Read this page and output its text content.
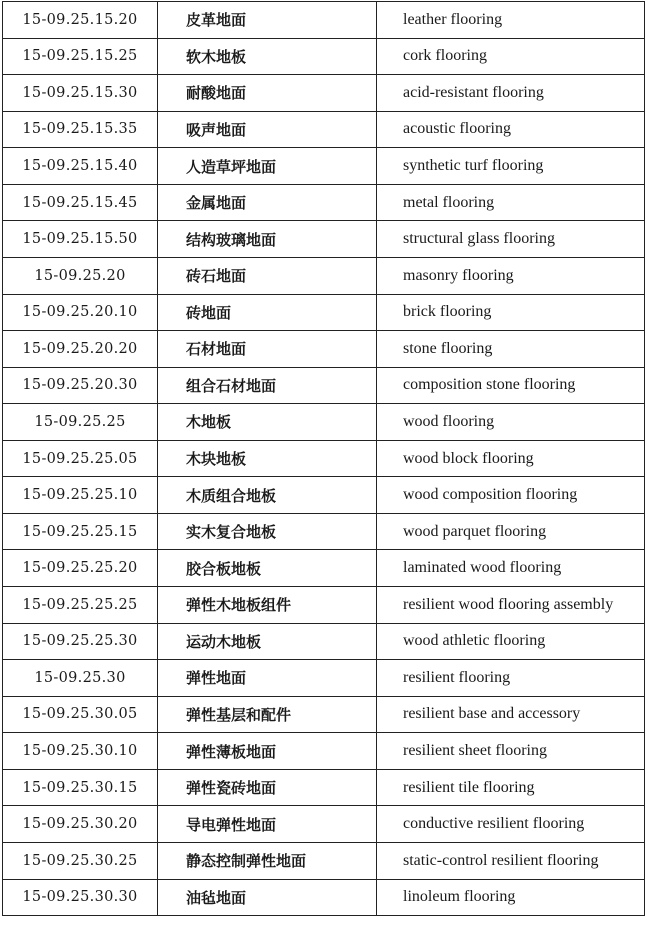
15-09.25.15.20	皮革地面	leather flooring
15-09.25.15.25	软木地板	cork flooring
15-09.25.15.30	耐酸地面	acid-resistant flooring
15-09.25.15.35	吸声地面	acoustic flooring
15-09.25.15.40	人造草坪地面	synthetic turf flooring
15-09.25.15.45	金属地面	metal flooring
15-09.25.15.50	结构玻璃地面	structural glass flooring
15-09.25.20	砖石地面	masonry flooring
15-09.25.20.10	砖地面	brick flooring
15-09.25.20.20	石材地面	stone flooring
15-09.25.20.30	组合石材地面	composition stone flooring
15-09.25.25	木地板	wood flooring
15-09.25.25.05	木块地板	wood block flooring
15-09.25.25.10	木质组合地板	wood composition flooring
15-09.25.25.15	实木复合地板	wood parquet flooring
15-09.25.25.20	胶合板地板	laminated wood flooring
15-09.25.25.25	弹性木地板组件	resilient wood flooring assembly
15-09.25.25.30	运动木地板	wood athletic flooring
15-09.25.30	弹性地面	resilient flooring
15-09.25.30.05	弹性基层和配件	resilient base and accessory
15-09.25.30.10	弹性薄板地面	resilient sheet flooring
15-09.25.30.15	弹性瓷砖地面	resilient tile flooring
15-09.25.30.20	导电弹性地面	conductive resilient flooring
15-09.25.30.25	静态控制弹性地面	static-control resilient flooring
15-09.25.30.30	油毡地面	linoleum flooring
